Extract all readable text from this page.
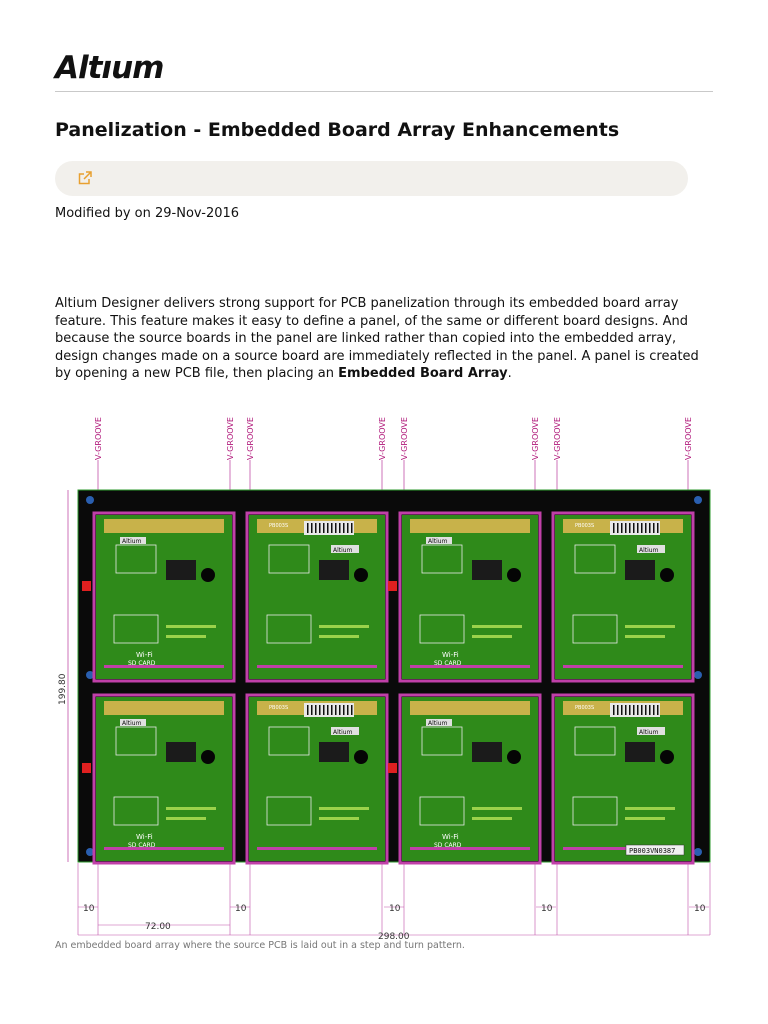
Altıum
Panelization - Embedded Board Array Enhancements
Modified by on 29-Nov-2016

Altium Designer delivers strong support for PCB panelization through its embedded board array feature. This feature makes it easy to define a panel, of the same or different board designs. And because the source boards in the panel are linked rather than copied into the embedded array, design changes made on a source board are immediately reflected in the panel. A panel is created by opening a new PCB file, then placing an Embedded Board Array.

V-GROOVE	V-GROOVE V-GROOVE	V-GROOVE V-GROOVE	V-GROOVE V-GROOVE	V-GROOVE
Altium
Wi-Fi
SD CARD
PB003S
Altium
Altium
Wi-Fi
SD CARD
PB003S
Altium
Altium
Wi-Fi
SD CARD
PB003S
Altium
Altium
Wi-Fi
SD CARD
PB003S
Altium
PB003VN0387
199.80
10	10	10	10	10
72.00
298.00
An embedded board array where the source PCB is laid out in a step and turn pattern.
